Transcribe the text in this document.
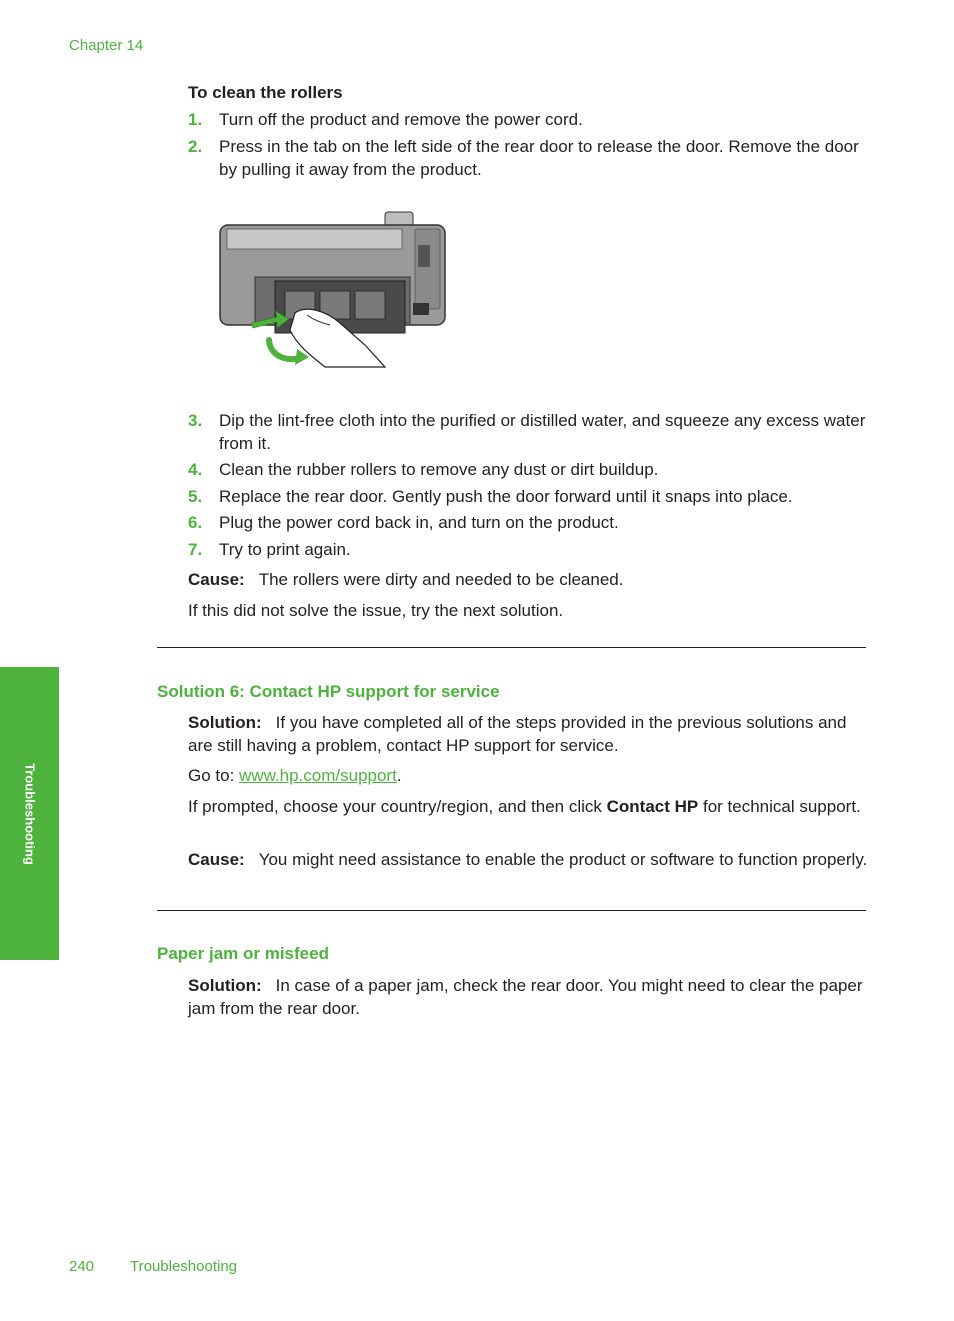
Chapter 14
To clean the rollers
1. Turn off the product and remove the power cord.
2. Press in the tab on the left side of the rear door to release the door. Remove the door by pulling it away from the product.
3. Dip the lint-free cloth into the purified or distilled water, and squeeze any excess water from it.
4. Clean the rubber rollers to remove any dust or dirt buildup.
5. Replace the rear door. Gently push the door forward until it snaps into place.
6. Plug the power cord back in, and turn on the product.
7. Try to print again.
Cause: The rollers were dirty and needed to be cleaned.
If this did not solve the issue, try the next solution.
Solution 6: Contact HP support for service
Solution: If you have completed all of the steps provided in the previous solutions and are still having a problem, contact HP support for service.
Go to: www.hp.com/support.
If prompted, choose your country/region, and then click Contact HP for technical support.
Cause: You might need assistance to enable the product or software to function properly.
Paper jam or misfeed
Solution: In case of a paper jam, check the rear door. You might need to clear the paper jam from the rear door.
Troubleshooting
240 Troubleshooting
